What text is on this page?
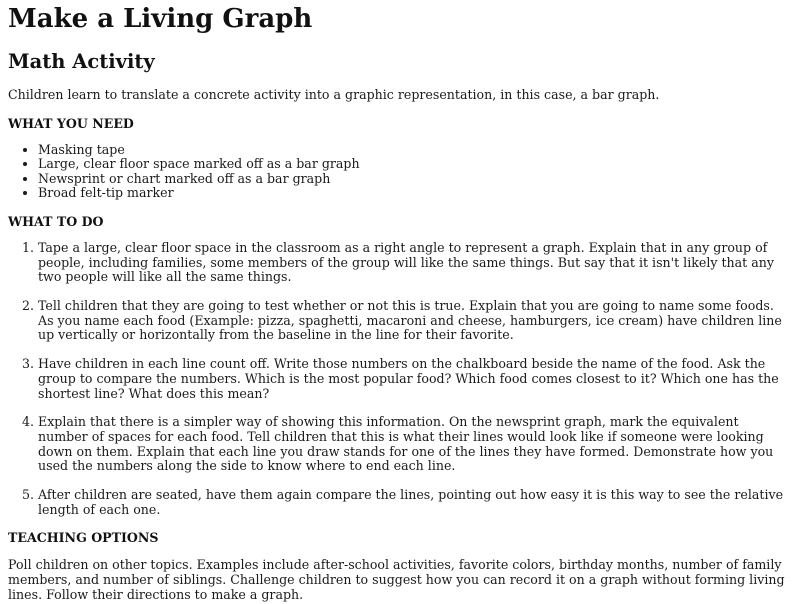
Make a Living Graph
Math Activity

Children learn to translate a concrete activity into a graphic representation, in this case, a bar graph.

WHAT YOU NEED
• Masking tape
• Large, clear floor space marked off as a bar graph
• Newsprint or chart marked off as a bar graph
• Broad felt-tip marker
WHAT TO DO
1. Tape a large, clear floor space in the classroom as a right angle to represent a graph. Explain that in any group of people, including families, some members of the group will like the same things. But say that it isn't likely that any two people will like all the same things.
2. Tell children that they are going to test whether or not this is true. Explain that you are going to name some foods. As you name each food (Example: pizza, spaghetti, macaroni and cheese, hamburgers, ice cream) have children line up vertically or horizontally from the baseline in the line for their favorite.
3. Have children in each line count off. Write those numbers on the chalkboard beside the name of the food. Ask the group to compare the numbers. Which is the most popular food? Which food comes closest to it? Which one has the shortest line? What does this mean?
4. Explain that there is a simpler way of showing this information. On the newsprint graph, mark the equivalent number of spaces for each food. Tell children that this is what their lines would look like if someone were looking down on them. Explain that each line you draw stands for one of the lines they have formed. Demonstrate how you used the numbers along the side to know where to end each line.
5. After children are seated, have them again compare the lines, pointing out how easy it is this way to see the relative length of each one.
TEACHING OPTIONS

Poll children on other topics. Examples include after-school activities, favorite colors, birthday months, number of family members, and number of siblings. Challenge children to suggest how you can record it on a graph without forming living lines. Follow their directions to make a graph.
